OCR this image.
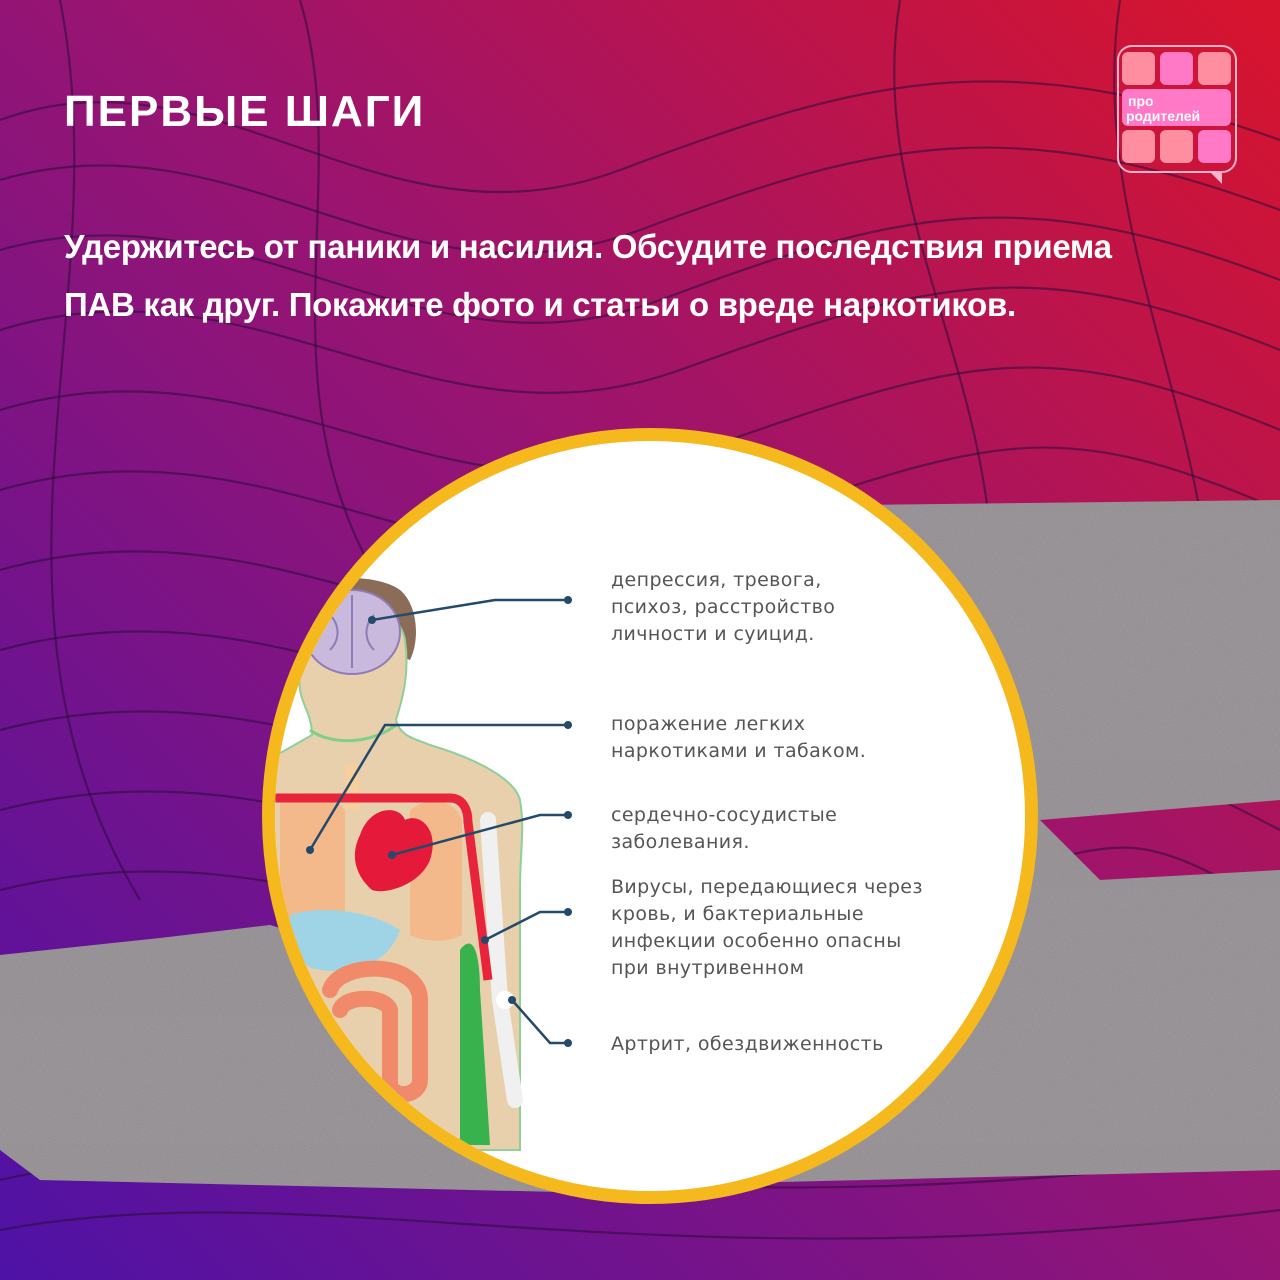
ПЕРВЫЕ ШАГИ
Удержитесь от паники и насилия. Обсудите последствия приема ПАВ как друг. Покажите фото и статьи о вреде наркотиков.
про
родителей
депрессия, тревога,
психоз, расстройство
личности и суицид.
поражение легких
наркотиками и табаком.
сердечно-сосудистые
заболевания.
Вирусы, передающиеся через
кровь, и бактериальные
инфекции особенно опасны
при внутривенном
Артрит, обездвиженность
